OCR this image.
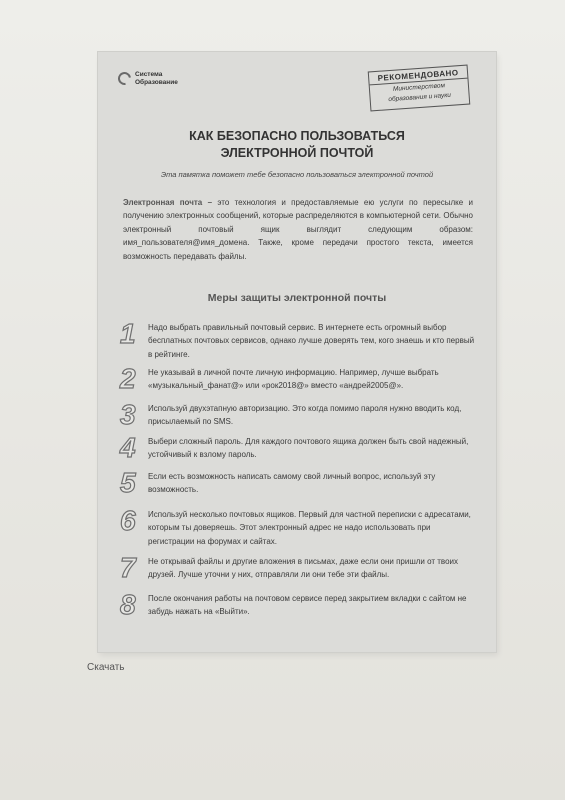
Система
Образование	РЕКОМЕНДОВАНО
Министерством
образования и науки
КАК БЕЗОПАСНО ПОЛЬЗОВАТЬСЯ
ЭЛЕКТРОННОЙ ПОЧТОЙ
Эта памятка поможет тебе безопасно пользоваться электронной почтой

Электронная почта – это технология и предоставляемые ею услуги по пересылке и получению электронных сообщений, которые распределяются в компьютерной сети. Обычно электронный почтовый ящик выглядит следующим образом: имя_пользователя@имя_домена. Также, кроме передачи простого текста, имеется возможность передавать файлы.

Меры защиты электронной почты
1	Надо выбрать правильный почтовый сервис. В интернете есть огромный выбор бесплатных почтовых сервисов, однако лучше доверять тем, кого знаешь и кто первый в рейтинге.
2	Не указывай в личной почте личную информацию. Например, лучше выбрать «музыкальный_фанат@» или «рок2018@» вместо «андрей2005@».
3	Используй двухэтапную авторизацию. Это когда помимо пароля нужно вводить код, присылаемый по SMS.
4	Выбери сложный пароль. Для каждого почтового ящика должен быть свой надежный, устойчивый к взлому пароль.
5	Если есть возможность написать самому свой личный вопрос, используй эту возможность.
6	Используй несколько почтовых ящиков. Первый для частной переписки с адресатами, которым ты доверяешь. Этот электронный адрес не надо использовать при регистрации на форумах и сайтах.
7	Не открывай файлы и другие вложения в письмах, даже если они пришли от твоих друзей. Лучше уточни у них, отправляли ли они тебе эти файлы.
8	После окончания работы на почтовом сервисе перед закрытием вкладки с сайтом не забудь нажать на «Выйти».
Скачать
